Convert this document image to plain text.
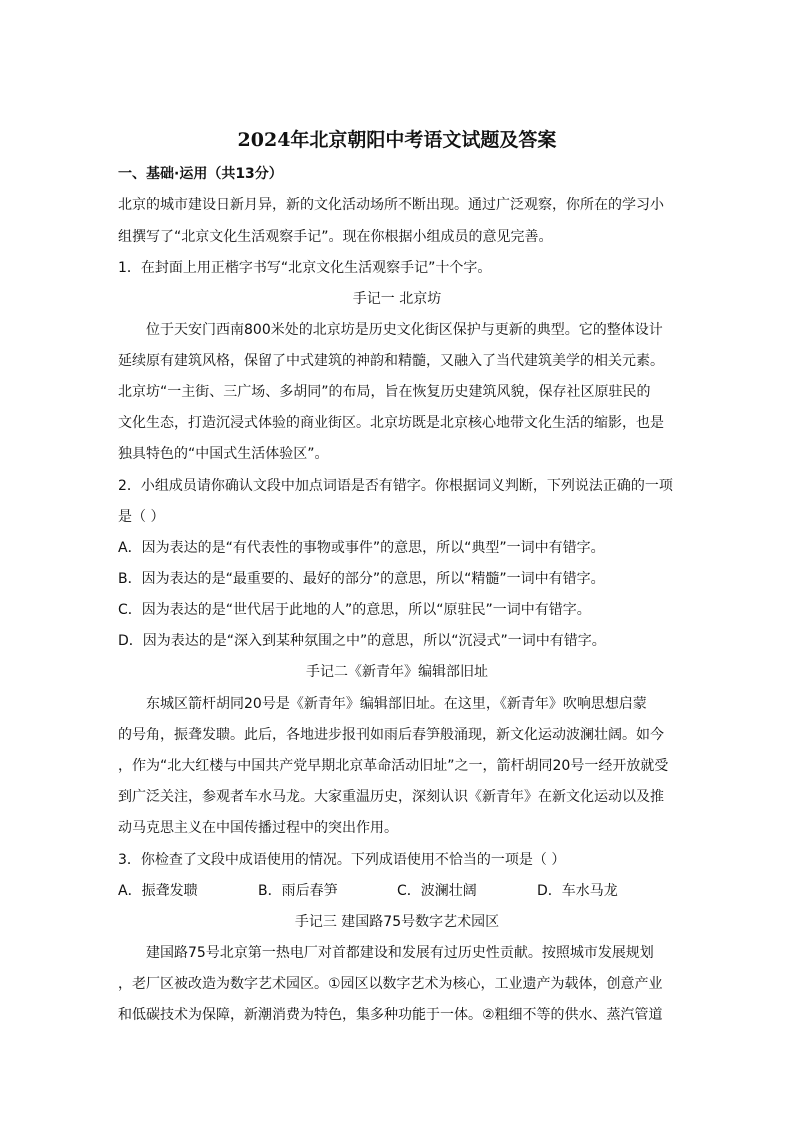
2024年北京朝阳中考语文试题及答案
一、基础·运用（共13分）
北京的城市建设日新月异，新的文化活动场所不断出现。通过广泛观察，你所在的学习小
组撰写了“北京文化生活观察手记”。现在你根据小组成员的意见完善。
1．在封面上用正楷字书写“北京文化生活观察手记”十个字。
手记一 北京坊
位于天安门西南800米处的北京坊是历史文化街区保护与更新的典型。它的整体设计
延续原有建筑风格，保留了中式建筑的神韵和精髓，又融入了当代建筑美学的相关元素。
北京坊“一主街、三广场、多胡同”的布局，旨在恢复历史建筑风貌，保存社区原驻民的
文化生态，打造沉浸式体验的商业街区。北京坊既是北京核心地带文化生活的缩影，也是
独具特色的“中国式生活体验区”。
2．小组成员请你确认文段中加点词语是否有错字。你根据词义判断，下列说法正确的一项
是（ ）
A．因为表达的是“有代表性的事物或事件”的意思，所以“典型”一词中有错字。
B．因为表达的是“最重要的、最好的部分”的意思，所以“精髓”一词中有错字。
C．因为表达的是“世代居于此地的人”的意思，所以“原驻民”一词中有错字。
D．因为表达的是“深入到某种氛围之中”的意思，所以“沉浸式”一词中有错字。
手记二《新青年》编辑部旧址
东城区箭杆胡同20号是《新青年》编辑部旧址。在这里，《新青年》吹响思想启蒙
的号角，振聋发聩。此后，各地进步报刊如雨后春笋般涌现，新文化运动波澜壮阔。如今
，作为“北大红楼与中国共产党早期北京革命活动旧址”之一，箭杆胡同20号一经开放就受
到广泛关注，参观者车水马龙。大家重温历史，深刻认识《新青年》在新文化运动以及推
动马克思主义在中国传播过程中的突出作用。
3．你检查了文段中成语使用的情况。下列成语使用不恰当的一项是（ ）
A．振聋发聩	B．雨后春笋	C．波澜壮阔	D．车水马龙
手记三 建国路75号数字艺术园区
建国路75号北京第一热电厂对首都建设和发展有过历史性贡献。按照城市发展规划
，老厂区被改造为数字艺术园区。①园区以数字艺术为核心，工业遗产为载体，创意产业
和低碳技术为保障，新潮消费为特色，集多种功能于一体。②粗细不等的供水、蒸汽管道
